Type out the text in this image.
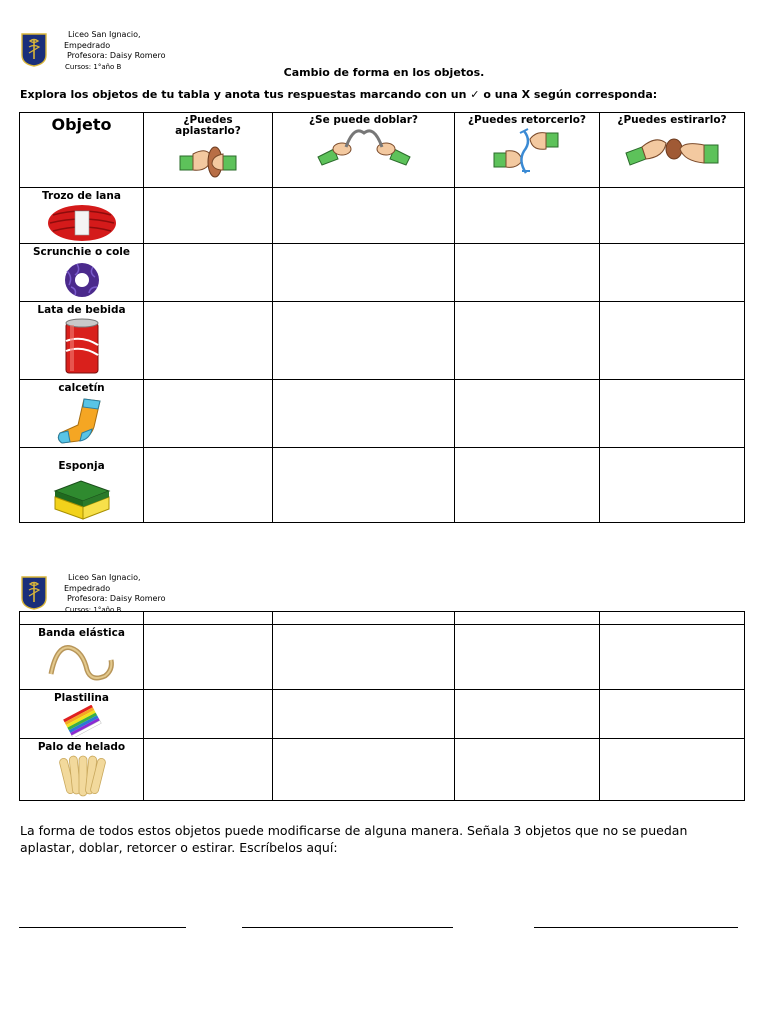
Liceo San Ignacio,
Empedrado
Profesora: Daisy Romero
Cursos: 1°año B	Cambio de forma en los objetos.
Explora los objetos de tu tabla y anota tus respuestas marcando con un ✓ o una X según corresponda:
Objeto	¿Puedes aplastarlo?	¿Se puede doblar?	¿Puedes retorcerlo?	¿Puedes estirarlo?

Trozo de lana				

Scrunchie o cole				

Lata de bebida				

calcetín				

Esponja				

Liceo San Ignacio,
Empedrado
Profesora: Daisy Romero
Cursos: 1°año B

Banda elástica				

Plastilina				

Palo de helado				

La forma de todos estos objetos puede modificarse de alguna manera. Señala 3 objetos que no se puedan aplastar, doblar, retorcer o estirar. Escríbelos aquí:
